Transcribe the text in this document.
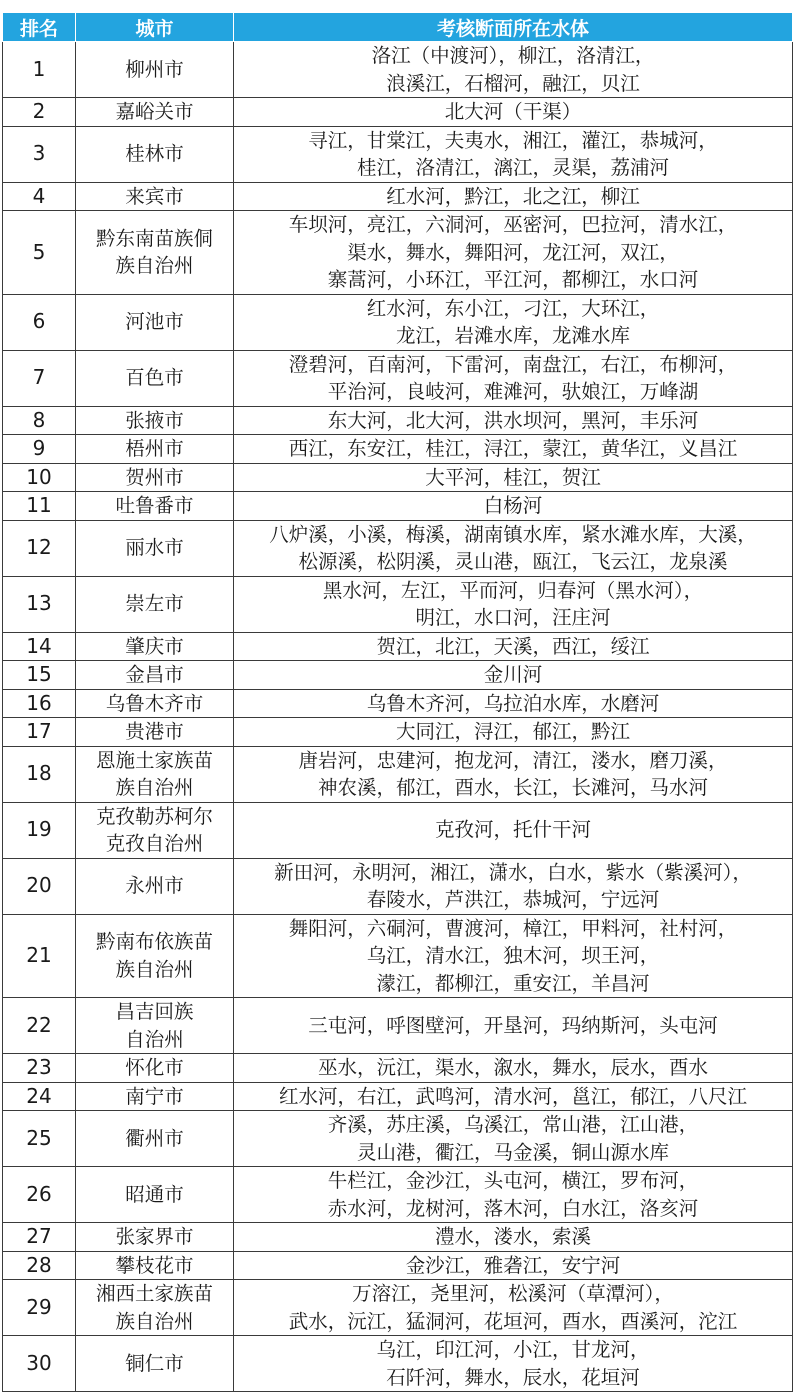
排名	城市	考核断面所在水体
1	柳州市	洛江（中渡河），柳江，洛清江，
浪溪江，石榴河，融江，贝江

2	嘉峪关市	北大河（干渠）

3	桂林市	寻江，甘棠江，夫夷水，湘江，灌江，恭城河，
桂江，洛清江，漓江，灵渠，荔浦河

4	来宾市	红水河，黔江，北之江，柳江

5	黔东南苗族侗
族自治州	车坝河，亮江，六洞河，巫密河，巴拉河，清水江，
渠水，舞水，舞阳河，龙江河，双江，
寨蒿河，小环江，平江河，都柳江，水口河

6	河池市	红水河，东小江，刁江，大环江，
龙江，岩滩水库，龙滩水库

7	百色市	澄碧河，百南河，下雷河，南盘江，右江，布柳河，
平治河，良岐河，难滩河，驮娘江，万峰湖

8	张掖市	东大河，北大河，洪水坝河，黑河，丰乐河

9	梧州市	西江，东安江，桂江，浔江，蒙江，黄华江，义昌江

10	贺州市	大平河，桂江，贺江

11	吐鲁番市	白杨河

12	丽水市	八炉溪，小溪，梅溪，湖南镇水库，紧水滩水库，大溪，
松源溪，松阴溪，灵山港，瓯江，飞云江，龙泉溪

13	崇左市	黑水河，左江，平而河，归春河（黑水河），
明江，水口河，汪庄河

14	肇庆市	贺江，北江，天溪，西江，绥江

15	金昌市	金川河

16	乌鲁木齐市	乌鲁木齐河，乌拉泊水库，水磨河

17	贵港市	大同江，浔江，郁江，黔江

18	恩施土家族苗
族自治州	唐岩河，忠建河，抱龙河，清江，溇水，磨刀溪，
神农溪，郁江，酉水，长江，长滩河，马水河

19	克孜勒苏柯尔
克孜自治州	克孜河，托什干河

20	永州市	新田河，永明河，湘江，潇水，白水，紫水（紫溪河），
春陵水，芦洪江，恭城河，宁远河

21	黔南布依族苗
族自治州	舞阳河，六硐河，曹渡河，樟江，甲料河，社村河，
乌江，清水江，独木河，坝王河，
濛江，都柳江，重安江，羊昌河

22	昌吉回族
自治州	三屯河，呼图壁河，开垦河，玛纳斯河，头屯河

23	怀化市	巫水，沅江，渠水，溆水，舞水，辰水，酉水

24	南宁市	红水河，右江，武鸣河，清水河，邕江，郁江，八尺江

25	衢州市	齐溪，苏庄溪，乌溪江，常山港，江山港，
灵山港，衢江，马金溪，铜山源水库

26	昭通市	牛栏江，金沙江，头屯河，横江，罗布河，
赤水河，龙树河，落木河，白水江，洛亥河

27	张家界市	澧水，溇水，索溪

28	攀枝花市	金沙江，雅砻江，安宁河

29	湘西土家族苗
族自治州	万溶江，尧里河，松溪河（草潭河），
武水，沅江，猛洞河，花垣河，酉水，酉溪河，沱江

30	铜仁市	乌江，印江河，小江，甘龙河，
石阡河，舞水，辰水，花垣河
